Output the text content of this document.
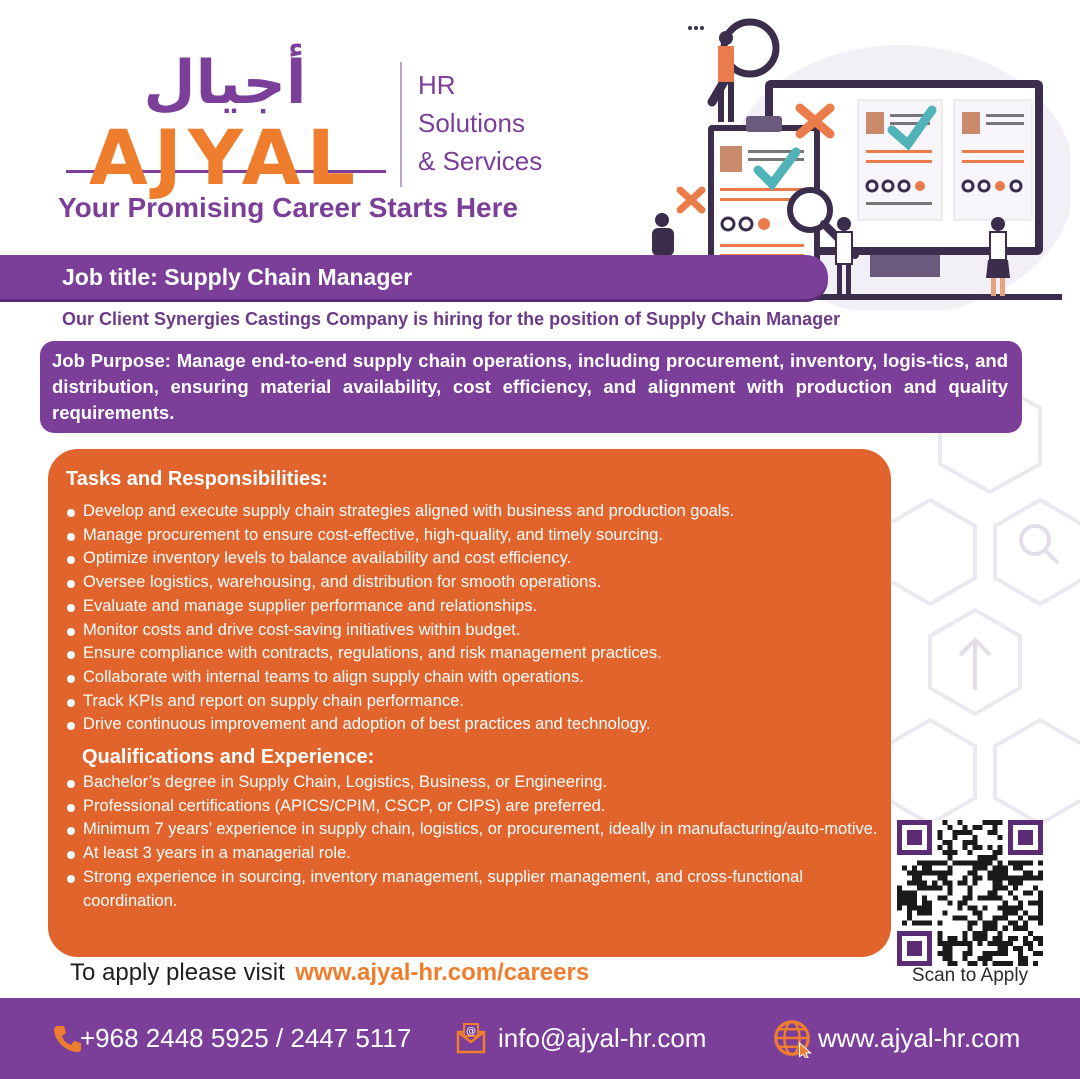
أجيال
AJYAL
HR
Solutions
& Services
Your Promising Career Starts Here
Job title: Supply Chain Manager
Our Client Synergies Castings Company is hiring for the position of Supply Chain Manager
Job Purpose: Manage end-to-end supply chain operations, including procurement, inventory, logis-tics, and distribution, ensuring material availability, cost efficiency, and alignment with production and quality requirements.
Tasks and Responsibilities:
Develop and execute supply chain strategies aligned with business and production goals.
Manage procurement to ensure cost-effective, high-quality, and timely sourcing.
Optimize inventory levels to balance availability and cost efficiency.
Oversee logistics, warehousing, and distribution for smooth operations.
Evaluate and manage supplier performance and relationships.
Monitor costs and drive cost-saving initiatives within budget.
Ensure compliance with contracts, regulations, and risk management practices.
Collaborate with internal teams to align supply chain with operations.
Track KPIs and report on supply chain performance.
Drive continuous improvement and adoption of best practices and technology.
Qualifications and Experience:
Bachelor’s degree in Supply Chain, Logistics, Business, or Engineering.
Professional certifications (APICS/CPIM, CSCP, or CIPS) are preferred.
Minimum 7 years’ experience in supply chain, logistics, or procurement, ideally in manufacturing/auto-motive.
At least 3 years in a managerial role.
Strong experience in sourcing, inventory management, supplier management, and cross-functional coordination.
Scan to Apply
To apply please visit www.ajyal-hr.com/careers
+968 2448 5925 / 2447 5117	@ info@ajyal-hr.com	www.ajyal-hr.com
